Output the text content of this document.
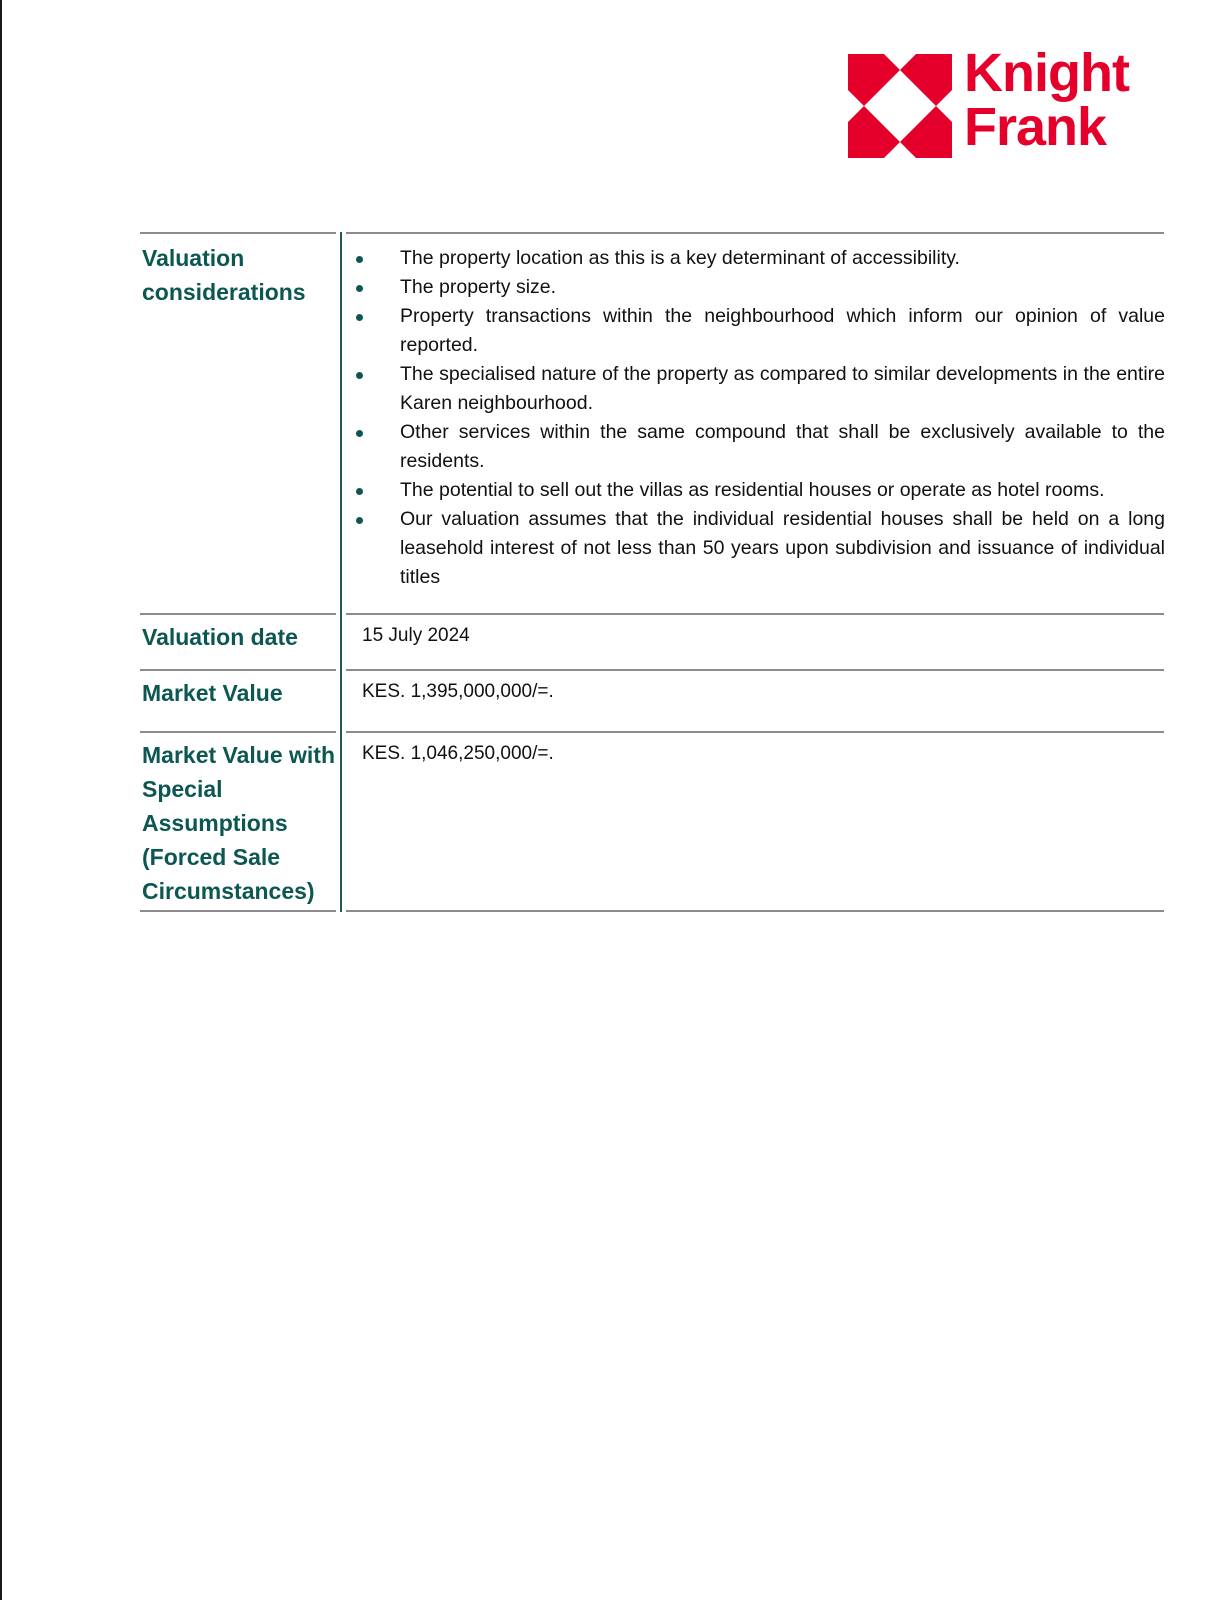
Knight
Frank
Valuation considerations
The property location as this is a key determinant of accessibility.
The property size.
Property transactions within the neighbourhood which inform our opinion of value reported.
The specialised nature of the property as compared to similar developments in the entire Karen neighbourhood.
Other services within the same compound that shall be exclusively available to the residents.
The potential to sell out the villas as residential houses or operate as hotel rooms.
Our valuation assumes that the individual residential houses shall be held on a long leasehold interest of not less than 50 years upon subdivision and issuance of individual titles
Valuation date	15 July 2024
Market Value	KES. 1,395,000,000/=.
Market Value with Special Assumptions (Forced Sale Circumstances)
KES. 1,046,250,000/=.
